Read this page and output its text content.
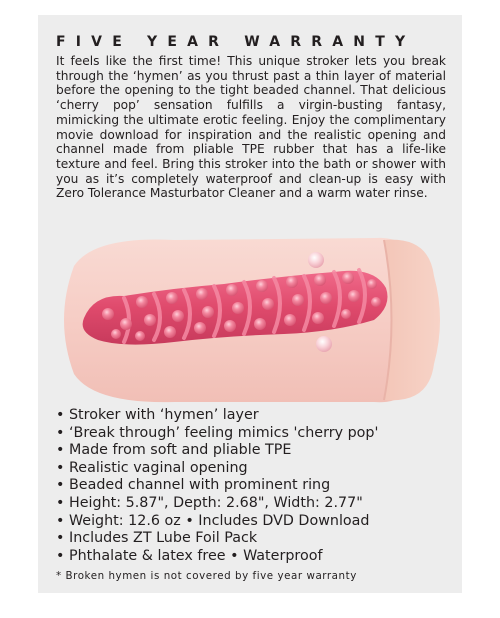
FIVE YEAR WARRANTY

It feels like the first time! This unique stroker lets you break through the ‘hymen’ as you thrust past a thin layer of material before the opening to the tight beaded channel. That delicious ‘cherry pop’ sensation fulfills a virgin-busting fantasy, mimicking the ultimate erotic feeling. Enjoy the complimentary movie download for inspiration and the realistic opening and channel made from pliable TPE rubber that has a life-like texture and feel. Bring this stroker into the bath or shower with you as it’s completely waterproof and clean-up is easy with Zero Tolerance Masturbator Cleaner and a warm water rinse.

• Stroker with ‘hymen’ layer
• ‘Break through’ feeling mimics 'cherry pop'
• Made from soft and pliable TPE
• Realistic vaginal opening
• Beaded channel with prominent ring
• Height: 5.87", Depth: 2.68", Width: 2.77"
• Weight: 12.6 oz • Includes DVD Download
• Includes ZT Lube Foil Pack
• Phthalate & latex free • Waterproof
* Broken hymen is not covered by five year warranty
